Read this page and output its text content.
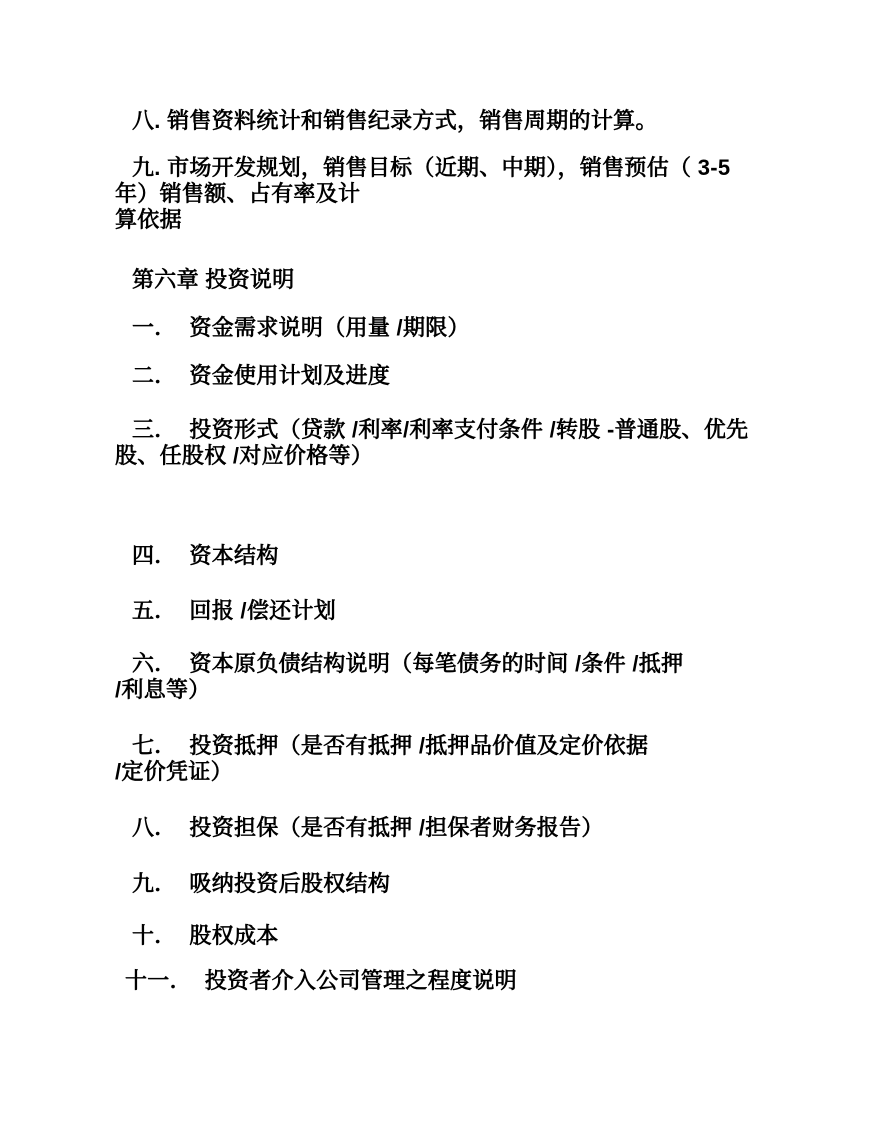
八. 销售资料统计和销售纪录方式，销售周期的计算。

九. 市场开发规划，销售目标（近期、中期），销售预估（ 3-5
年）销售额、占有率及计
算依据

第六章 投资说明

一．  资金需求说明（用量 /期限）

二．  资金使用计划及进度

三．  投资形式（贷款 /利率/利率支付条件 /转股 -普通股、优先
股、任股权 /对应价格等）

四．  资本结构

五．  回报 /偿还计划

六．  资本原负债结构说明（每笔债务的时间 /条件 /抵押
/利息等）

七．  投资抵押（是否有抵押 /抵押品价值及定价依据
/定价凭证）

八．  投资担保（是否有抵押 /担保者财务报告）

九．  吸纳投资后股权结构

十．  股权成本

十一．  投资者介入公司管理之程度说明
